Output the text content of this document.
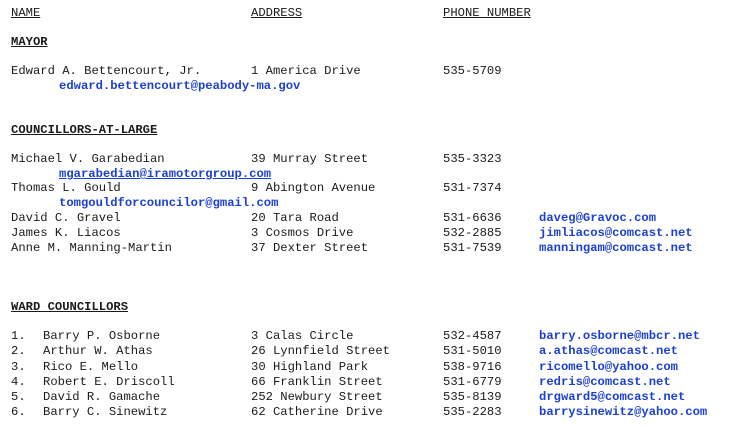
NAME	ADDRESS	PHONE NUMBER
MAYOR
Edward A. Bettencourt, Jr.	1 America Drive	535-5709
edward.bettencourt@peabody-ma.gov
COUNCILLORS-AT-LARGE
Michael V. Garabedian	39 Murray Street	535-3323
mgarabedian@iramotorgroup.com
Thomas L. Gould	9 Abington Avenue	531-7374
tomgouldforcouncilor@gmail.com
David C. Gravel	20 Tara Road	531-6636	daveg@Gravoc.com
James K. Liacos	3 Cosmos Drive	532-2885	jimliacos@comcast.net
Anne M. Manning-Martin	37 Dexter Street	531-7539	manningam@comcast.net
WARD COUNCILLORS
1. Barry P. Osborne	3 Calas Circle	532-4587	barry.osborne@mbcr.net
2. Arthur W. Athas	26 Lynnfield Street	531-5010	a.athas@comcast.net
3. Rico E. Mello	30 Highland Park	538-9716	ricomello@yahoo.com
4. Robert E. Driscoll	66 Franklin Street	531-6779	redris@comcast.net
5. David R. Gamache	252 Newbury Street	535-8139	drgward5@comcast.net
6. Barry C. Sinewitz	62 Catherine Drive	535-2283	barrysinewitz@yahoo.com
